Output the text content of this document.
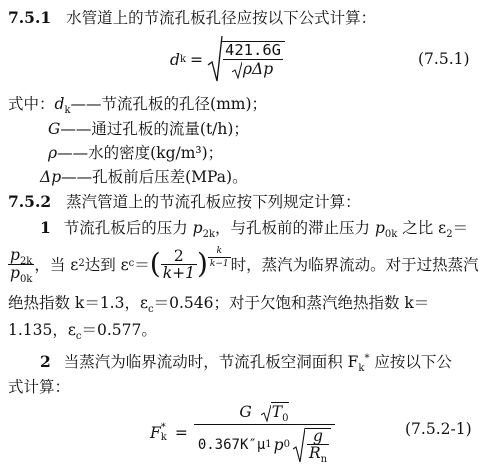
7.5.1 水管道上的节流孔板孔径应按以下公式计算：
d $k = \frac{421.6G}{\text{ρΔp}}$	(7.5.1)
式中：$d_k——$节流孔板的孔径(mm)；
G——通过孔板的流量(t/h)；
ρ——水的密度(kg/m³)；
Δp——孔板前后压差(MPa)。
7.5.2 蒸汽管道上的节流孔板应按下列规定计算：
1 节流孔板后的压力 $p_{2k}$，与孔板前的滞止压力 $p_{0k}$ 之比 $\varepsilon_2=$
$\frac{p_{2k}}{p_{0k}}$ ，当 ε 2 达到 ε c ＝ ( $\frac{2}{k+1}$ ) $\frac{k}{k-1}$ 时，蒸汽为临界流动。对于过热蒸汽
绝热指数 k＝1.3，$\varepsilon_c=0.546$；对于欠饱和蒸汽绝热指数 k＝
1.135，$\varepsilon_c=0.577$。
2 当蒸汽为临界流动时，节流孔板空洞面积 $F_k^*$ 应按以下公
式计算：
F *
$k = \frac{G T_0}{0.367K''\mu 1 p 0 \frac{g}{R_n}}$	(7.5.2-1)
